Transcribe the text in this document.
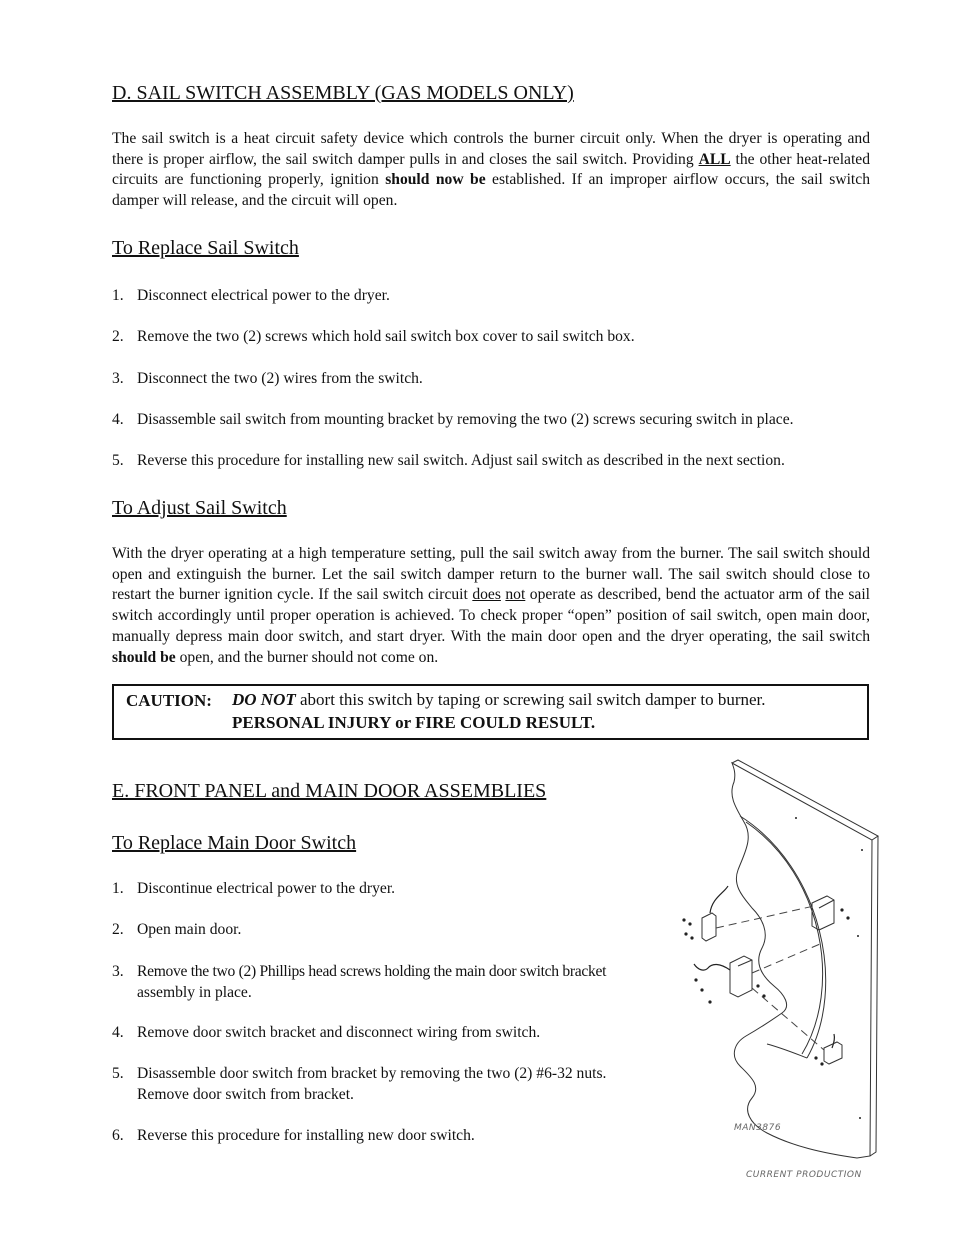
D. SAIL SWITCH ASSEMBLY (GAS MODELS ONLY)

The sail switch is a heat circuit safety device which controls the burner circuit only. When the dryer is operating and there is proper airflow, the sail switch damper pulls in and closes the sail switch. Providing ALL the other heat-related circuits are functioning properly, ignition should now be established. If an improper airflow occurs, the sail switch damper will release, and the circuit will open.

To Replace Sail Switch
1. Disconnect electrical power to the dryer.
2. Remove the two (2) screws which hold sail switch box cover to sail switch box.
3. Disconnect the two (2) wires from the switch.
4. Disassemble sail switch from mounting bracket by removing the two (2) screws securing switch in place.
5. Reverse this procedure for installing new sail switch. Adjust sail switch as described in the next section.
To Adjust Sail Switch

With the dryer operating at a high temperature setting, pull the sail switch away from the burner. The sail switch should open and extinguish the burner. Let the sail switch damper return to the burner wall. The sail switch should close to restart the burner ignition cycle. If the sail switch circuit does not operate as described, bend the actuator arm of the sail switch accordingly until proper operation is achieved. To check proper “open” position of sail switch, open main door, manually depress main door switch, and start dryer. With the main door open and the dryer operating, the sail switch should be open, and the burner should not come on.

CAUTION: DO NOT abort this switch by taping or screwing sail switch damper to burner.
PERSONAL INJURY or FIRE COULD RESULT.
E. FRONT PANEL and MAIN DOOR ASSEMBLIES
To Replace Main Door Switch
1. Discontinue electrical power to the dryer.
2. Open main door.
3. Remove the two (2) Phillips head screws holding the main door switch bracket
assembly in place.
4. Remove door switch bracket and disconnect wiring from switch.
5. Disassemble door switch from bracket by removing the two (2) #6-32 nuts.
Remove door switch from bracket.
6. Reverse this procedure for installing new door switch.	MAN3876
CURRENT PRODUCTION
